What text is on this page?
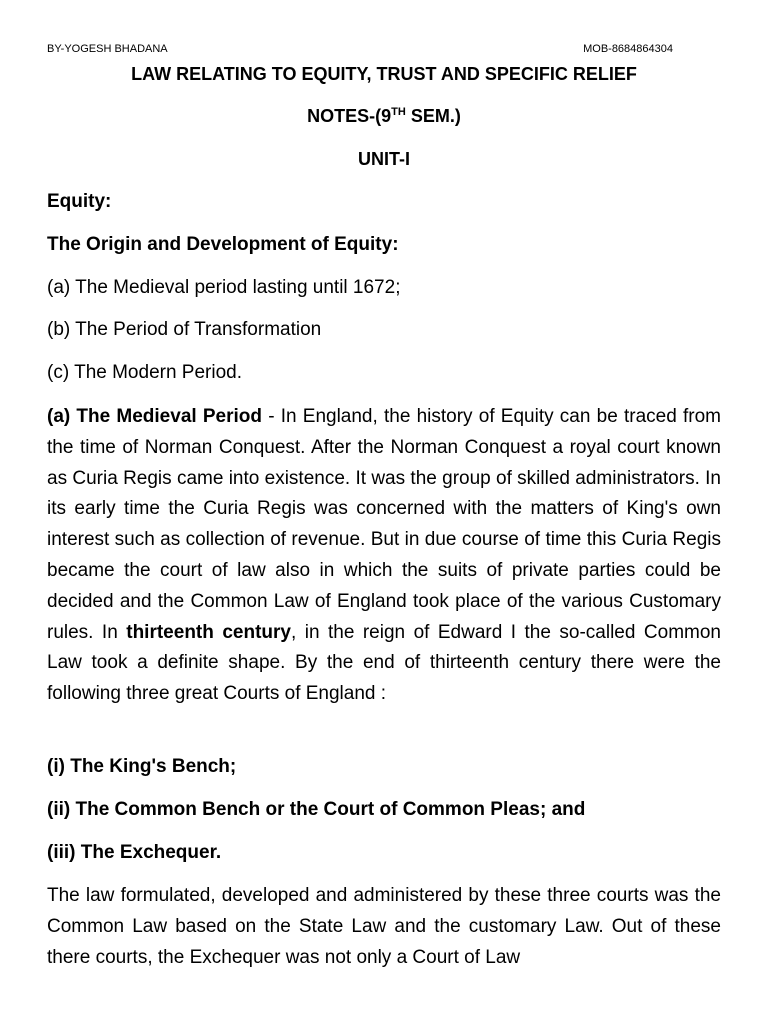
BY-YOGESH BHADANA	MOB-8684864304
LAW RELATING TO EQUITY, TRUST AND SPECIFIC RELIEF
NOTES-(9TH SEM.)
UNIT-I
Equity:
The Origin and Development of Equity:
(a) The Medieval period lasting until 1672;
(b) The Period of Transformation
(c) The Modern Period.
(a) The Medieval Period - In England, the history of Equity can be traced from the time of Norman Conquest. After the Norman Conquest a royal court known as Curia Regis came into existence. It was the group of skilled administrators. In its early time the Curia Regis was concerned with the matters of King's own interest such as collection of revenue. But in due course of time this Curia Regis became the court of law also in which the suits of private parties could be decided and the Common Law of England took place of the various Customary rules. In thirteenth century, in the reign of Edward I the so-called Common Law took a definite shape. By the end of thirteenth century there were the following three great Courts of England :
(i) The King's Bench;
(ii) The Common Bench or the Court of Common Pleas; and
(iii) The Exchequer.
The law formulated, developed and administered by these three courts was the Common Law based on the State Law and the customary Law. Out of these there courts, the Exchequer was not only a Court of Law
